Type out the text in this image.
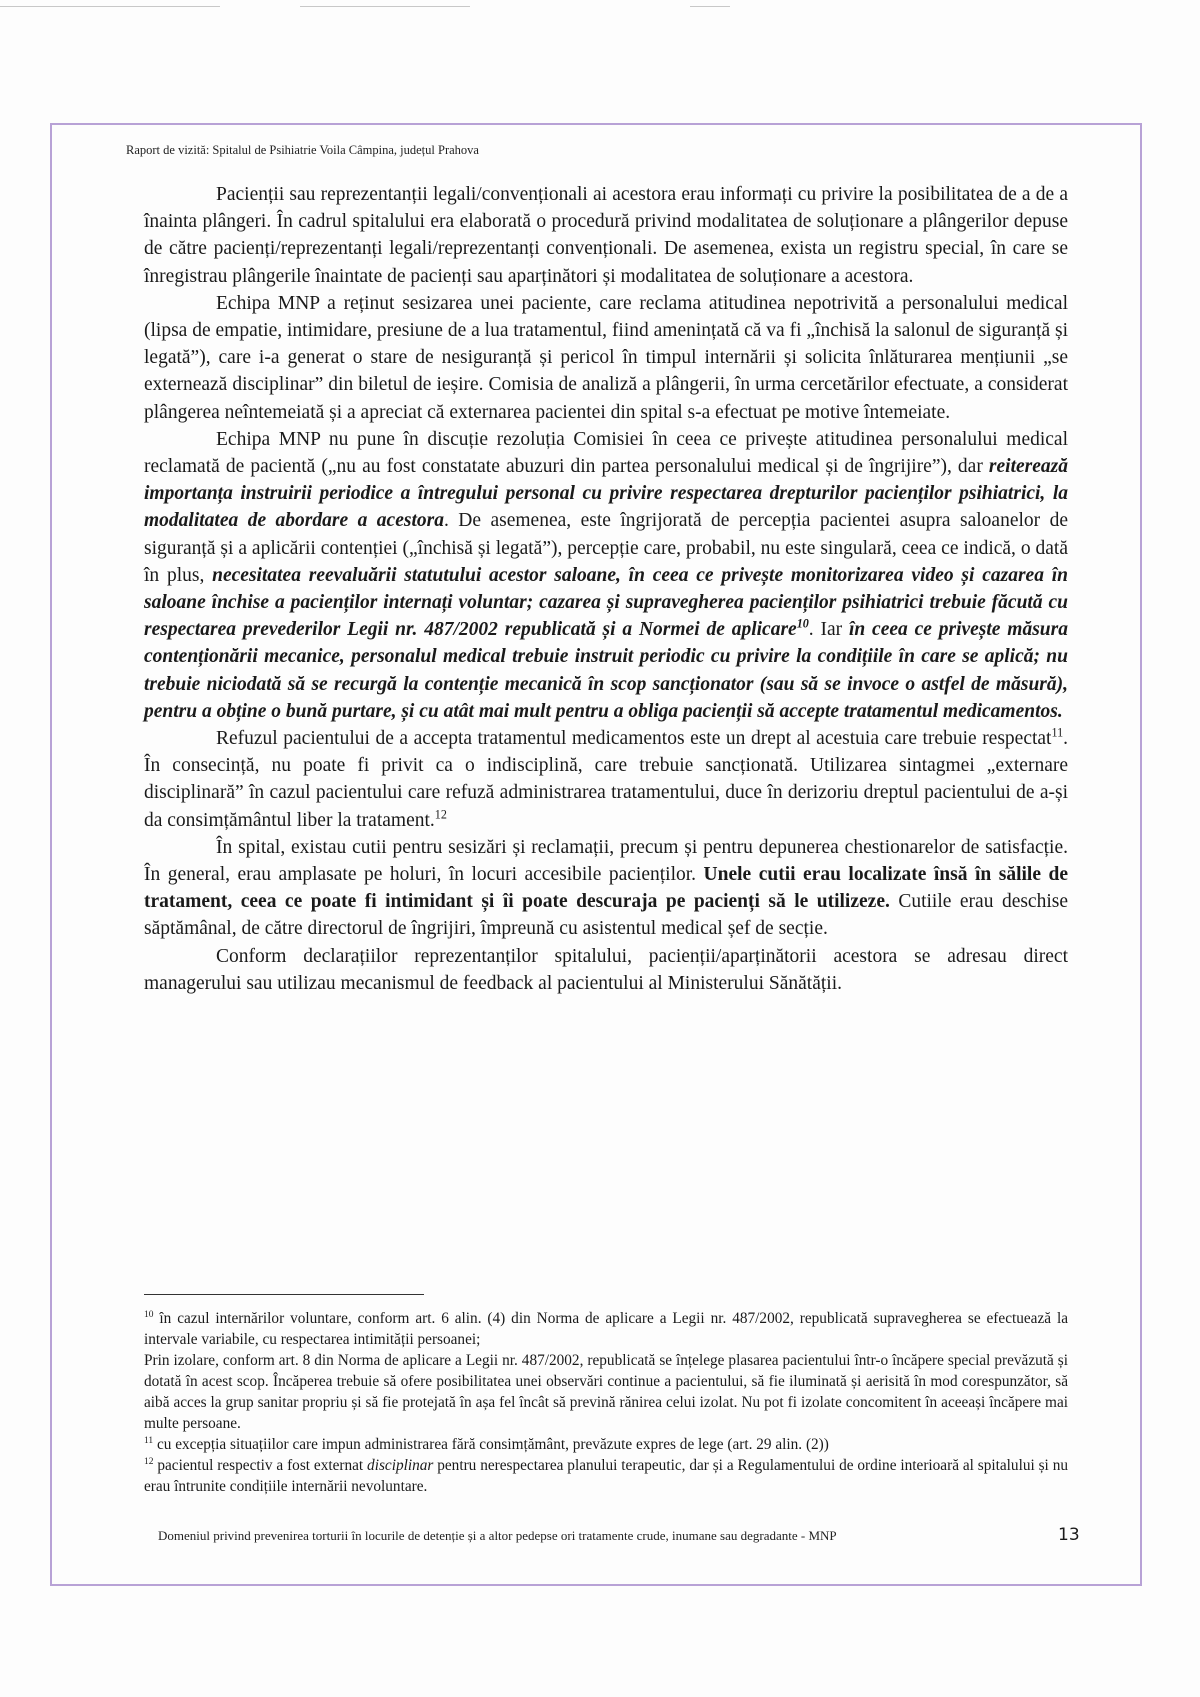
Raport de vizită: Spitalul de Psihiatrie Voila Câmpina, județul Prahova

Pacienții sau reprezentanții legali/convenționali ai acestora erau informați cu privire la posibilitatea de a de a înainta plângeri. În cadrul spitalului era elaborată o procedură privind modalitatea de soluționare a plângerilor depuse de către pacienți/reprezentanți legali/reprezentanți convenționali. De asemenea, exista un registru special, în care se înregistrau plângerile înaintate de pacienți sau aparținători și modalitatea de soluționare a acestora.

Echipa MNP a reținut sesizarea unei paciente, care reclama atitudinea nepotrivită a personalului medical (lipsa de empatie, intimidare, presiune de a lua tratamentul, fiind amenințată că va fi „închisă la salonul de siguranță și legată”), care i-a generat o stare de nesiguranță și pericol în timpul internării și solicita înlăturarea mențiunii „se externează disciplinar” din biletul de ieșire. Comisia de analiză a plângerii, în urma cercetărilor efectuate, a considerat plângerea neîntemeiată și a apreciat că externarea pacientei din spital s-a efectuat pe motive întemeiate.

Echipa MNP nu pune în discuție rezoluția Comisiei în ceea ce privește atitudinea personalului medical reclamată de pacientă („nu au fost constatate abuzuri din partea personalului medical și de îngrijire”), dar reiterează importanța instruirii periodice a întregului personal cu privire respectarea drepturilor pacienților psihiatrici, la modalitatea de abordare a acestora. De asemenea, este îngrijorată de percepția pacientei asupra saloanelor de siguranță și a aplicării contenției („închisă și legată”), percepție care, probabil, nu este singulară, ceea ce indică, o dată în plus, necesitatea reevaluării statutului acestor saloane, în ceea ce privește monitorizarea video și cazarea în saloane închise a pacienților internați voluntar; cazarea și supravegherea pacienților psihiatrici trebuie făcută cu respectarea prevederilor Legii nr. 487/2002 republicată și a Normei de aplicare$^{10}$. Iar în ceea ce privește măsura contenționării mecanice, personalul medical trebuie instruit periodic cu privire la condițiile în care se aplică; nu trebuie niciodată să se recurgă la contenție mecanică în scop sancționator (sau să se invoce o astfel de măsură), pentru a obține o bună purtare, și cu atât mai mult pentru a obliga pacienții să accepte tratamentul medicamentos.

Refuzul pacientului de a accepta tratamentul medicamentos este un drept al acestuia care trebuie respectat$^{11}$. În consecință, nu poate fi privit ca o indisciplină, care trebuie sancționată. Utilizarea sintagmei „externare disciplinară” în cazul pacientului care refuză administrarea tratamentului, duce în derizoriu dreptul pacientului de a-și da consimțământul liber la tratament.$^{12}$

În spital, existau cutii pentru sesizări și reclamații, precum și pentru depunerea chestionarelor de satisfacție. În general, erau amplasate pe holuri, în locuri accesibile pacienților. Unele cutii erau localizate însă în sălile de tratament, ceea ce poate fi intimidant și îi poate descuraja pe pacienți să le utilizeze. Cutiile erau deschise săptămânal, de către directorul de îngrijiri, împreună cu asistentul medical șef de secție.

Conform declarațiilor reprezentanților spitalului, pacienții/aparținătorii acestora se adresau direct managerului sau utilizau mecanismul de feedback al pacientului al Ministerului Sănătății.

$^{10}$ în cazul internărilor voluntare, conform art. 6 alin. (4) din Norma de aplicare a Legii nr. 487/2002, republicată supravegherea se efectuează la intervale variabile, cu respectarea intimității persoanei;

Prin izolare, conform art. 8 din Norma de aplicare a Legii nr. 487/2002, republicată se înțelege plasarea pacientului într-o încăpere special prevăzută și dotată în acest scop. Încăperea trebuie să ofere posibilitatea unei observări continue a pacientului, să fie iluminată și aerisită în mod corespunzător, să aibă acces la grup sanitar propriu și să fie protejată în așa fel încât să prevină rănirea celui izolat. Nu pot fi izolate concomitent în aceeași încăpere mai multe persoane.

$^{11}$ cu excepția situațiilor care impun administrarea fără consimțământ, prevăzute expres de lege (art. 29 alin. (2))

$^{12}$ pacientul respectiv a fost externat disciplinar pentru nerespectarea planului terapeutic, dar și a Regulamentului de ordine interioară al spitalului și nu erau întrunite condițiile internării nevoluntare.

Domeniul privind prevenirea torturii în locurile de detenție și a altor pedepse ori tratamente crude, inumane sau degradante - MNP	13
